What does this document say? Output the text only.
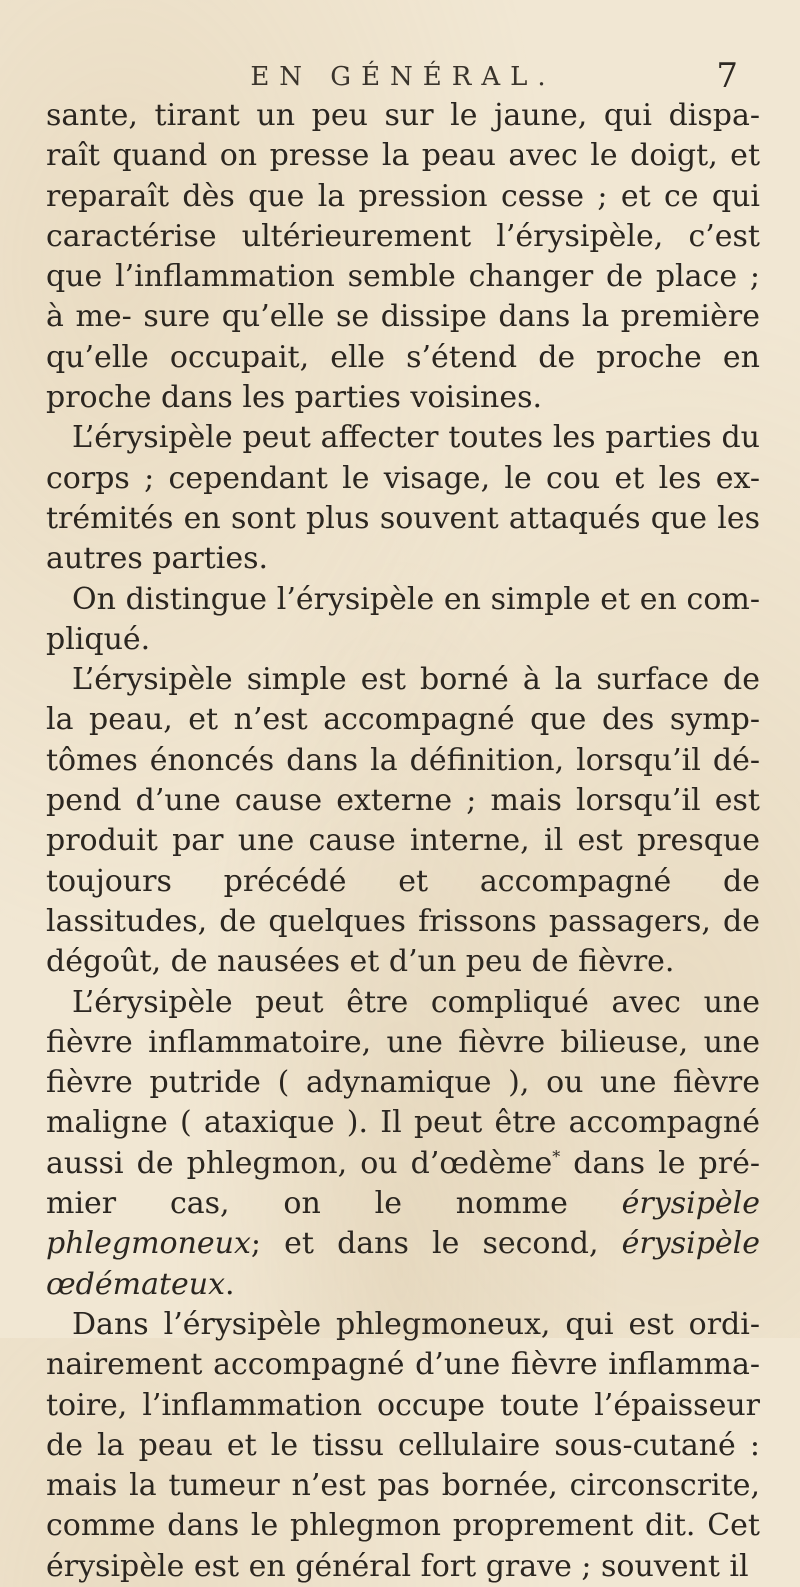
EN GÉNÉRAL.	7

sante, tirant un peu sur le jaune, qui dispa- raît quand on presse la peau avec le doigt, et reparaît dès que la pression cesse ; et ce qui caractérise ultérieurement l’érysipèle, c’est que l’inflammation semble changer de place ; à me- sure qu’elle se dissipe dans la première qu’elle occupait, elle s’étend de proche en proche dans les parties voisines.

L’érysipèle peut affecter toutes les parties du corps ; cependant le visage, le cou et les ex- trémités en sont plus souvent attaqués que les autres parties.

On distingue l’érysipèle en simple et en com- pliqué.

L’érysipèle simple est borné à la surface de la peau, et n’est accompagné que des symp- tômes énoncés dans la définition, lorsqu’il dé- pend d’une cause externe ; mais lorsqu’il est produit par une cause interne, il est presque toujours précédé et accompagné de lassitudes, de quelques frissons passagers, de dégoût, de nausées et d’un peu de fièvre.

L’érysipèle peut être compliqué avec une fièvre inflammatoire, une fièvre bilieuse, une fièvre putride ( adynamique ), ou une fièvre maligne ( ataxique ). Il peut être accompagné aussi de phlegmon, ou d’œdème* dans le pré- mier cas, on le nomme érysipèle phlegmoneux; et dans le second, érysipèle œdémateux.

Dans l’érysipèle phlegmoneux, qui est ordi- nairement accompagné d’une fièvre inflamma- toire, l’inflammation occupe toute l’épaisseur de la peau et le tissu cellulaire sous-cutané : mais la tumeur n’est pas bornée, circonscrite, comme dans le phlegmon proprement dit. Cet érysipèle est en général fort grave ; souvent il
